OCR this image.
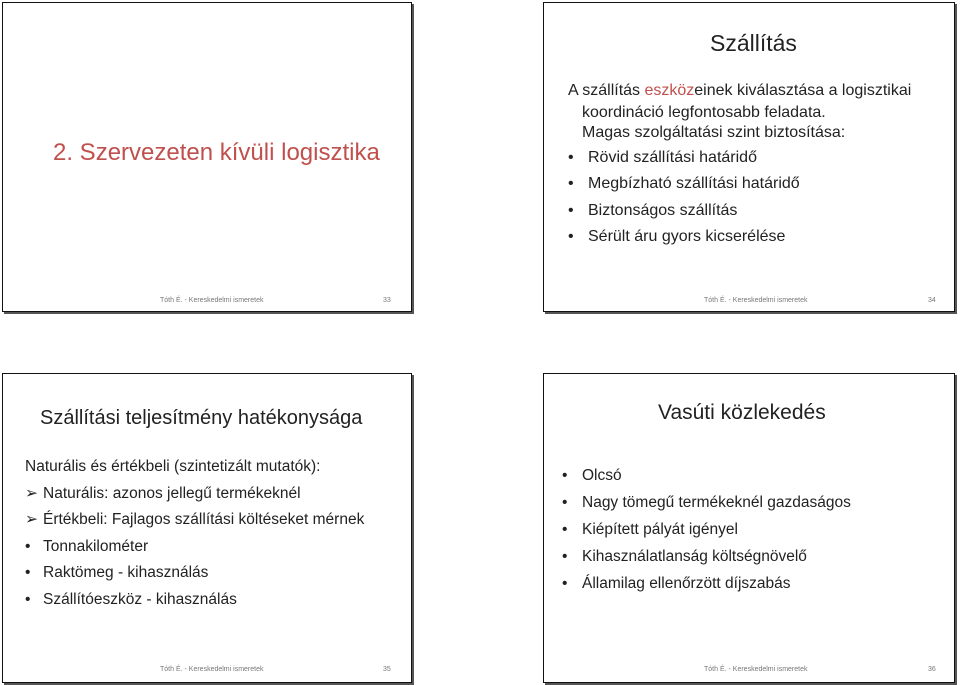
2. Szervezeten kívüli logisztika
Tóth É. - Kereskedelmi ismeretek	33
Szállítás
A szállítás eszközeinek kiválasztása a logisztikai
koordináció legfontosabb feladata.
Magas szolgáltatási szint biztosítása:
• Rövid szállítási határidő
• Megbízható szállítási határidő
• Biztonságos szállítás
• Sérült áru gyors kicserélése
Tóth É. - Kereskedelmi ismeretek	34
Szállítási teljesítmény hatékonysága
Naturális és értékbeli (szintetizált mutatók):
➢ Naturális: azonos jellegű termékeknél
➢ Értékbeli: Fajlagos szállítási költéseket mérnek
• Tonnakilométer
• Raktömeg - kihasználás
• Szállítóeszköz - kihasználás
Tóth É. - Kereskedelmi ismeretek	35
Vasúti közlekedés
• Olcsó
• Nagy tömegű termékeknél gazdaságos
• Kiépített pályát igényel
• Kihasználatlanság költségnövelő
• Államilag ellenőrzött díjszabás
Tóth É. - Kereskedelmi ismeretek	36
